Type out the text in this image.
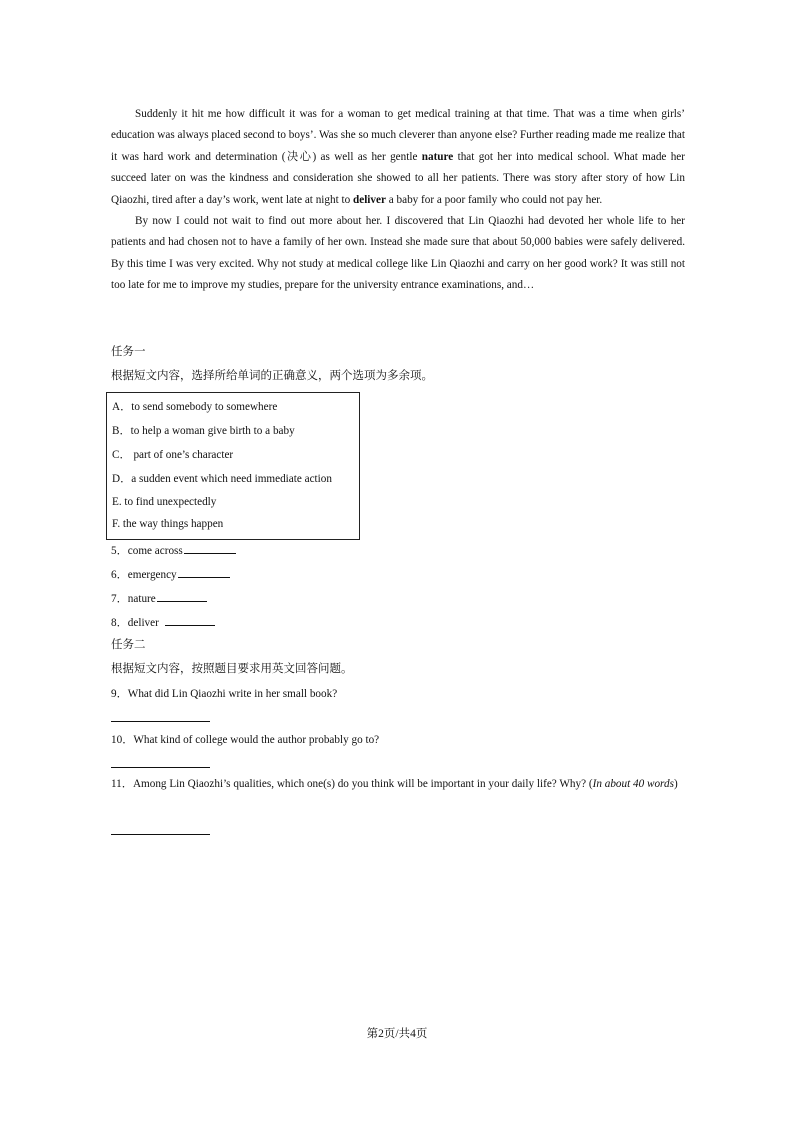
Suddenly it hit me how difficult it was for a woman to get medical training at that time. That was a time when girls’ education was always placed second to boys’. Was she so much cleverer than anyone else? Further reading made me realize that it was hard work and determination (决心) as well as her gentle nature that got her into medical school. What made her succeed later on was the kindness and consideration she showed to all her patients. There was story after story of how Lin Qiaozhi, tired after a day’s work, went late at night to deliver a baby for a poor family who could not pay her.

By now I could not wait to find out more about her. I discovered that Lin Qiaozhi had devoted her whole life to her patients and had chosen not to have a family of her own. Instead she made sure that about 50,000 babies were safely delivered. By this time I was very excited. Why not study at medical college like Lin Qiaozhi and carry on her good work? It was still not too late for me to improve my studies, prepare for the university entrance examinations, and…

任务一
根据短文内容，选择所给单词的正确意义，两个选项为多余项。
A．to send somebody to somewhere
B．to help a woman give birth to a baby
C． part of one’s character
D．a sudden event which need immediate action
E. to find unexpectedly
F. the way things happen
5．come across
6．emergency
7．nature
8．deliver
任务二
根据短文内容，按照题目要求用英文回答问题。
9．What did Lin Qiaozhi write in her small book?
10．What kind of college would the author probably go to?
11．Among Lin Qiaozhi’s qualities, which one(s) do you think will be important in your daily life? Why? (In about 40 words)
第2页/共4页
